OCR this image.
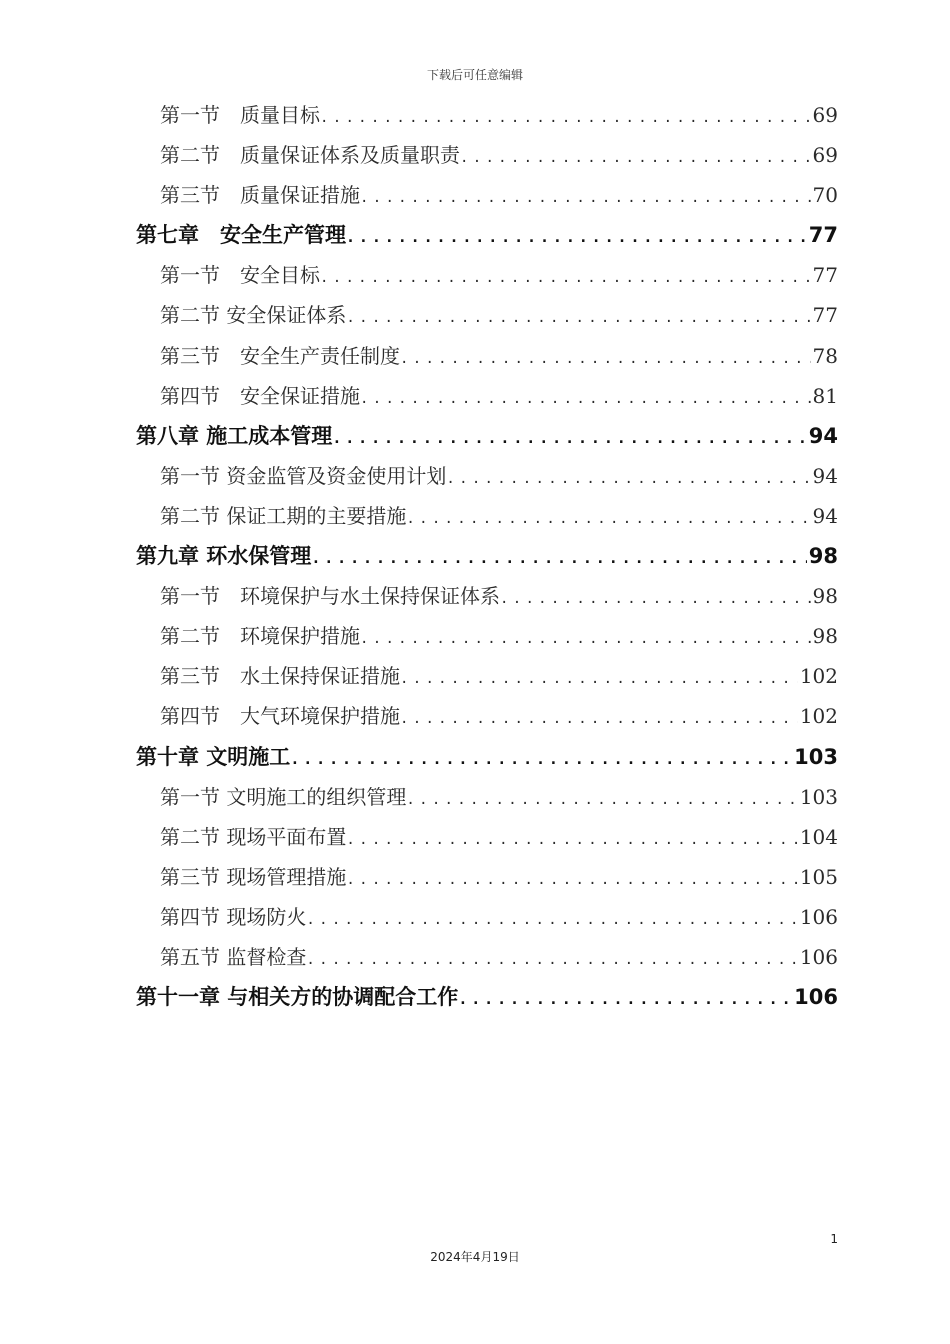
下载后可任意编辑
第一节　质量目标 .....	69
第二节　质量保证体系及质量职责 .....	69
第三节　质量保证措施 .....	70
第七章　安全生产管理 .....	77
第一节　安全目标 .....	77
第二节 安全保证体系 .....	77
第三节　安全生产责任制度 .....	78
第四节　安全保证措施 .....	81
第八章 施工成本管理 .....	94
第一节 资金监管及资金使用计划 .....	94
第二节 保证工期的主要措施 .....	94
第九章 环水保管理 .....	98
第一节　环境保护与水土保持保证体系 .....	98
第二节　环境保护措施 .....	98
第三节　水土保持保证措施 .....	102
第四节　大气环境保护措施 .....	102
第十章 文明施工 .....	103
第一节 文明施工的组织管理 .....	103
第二节 现场平面布置 .....	104
第三节 现场管理措施 .....	105
第四节 现场防火 .....	106
第五节 监督检查 .....	106
第十一章 与相关方的协调配合工作 .....	106
1
2024年4月19日
